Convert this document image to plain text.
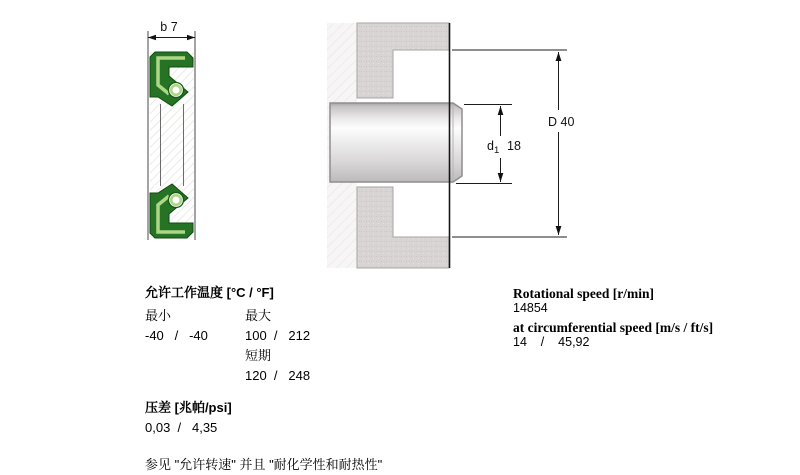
b 7
D 40
$d_1$ 18
允许工作温度 [°C / °F]
最小	最大
-40   /   -40	100  /   212
短期
120  /   248
压差 [兆帕/psi]
0,03  /   4,35
参见 "允许转速" 并且 "耐化学性和耐热性"
Rotational speed [r/min]
14854
at circumferential speed [m/s / ft/s]
14    /    45,92
